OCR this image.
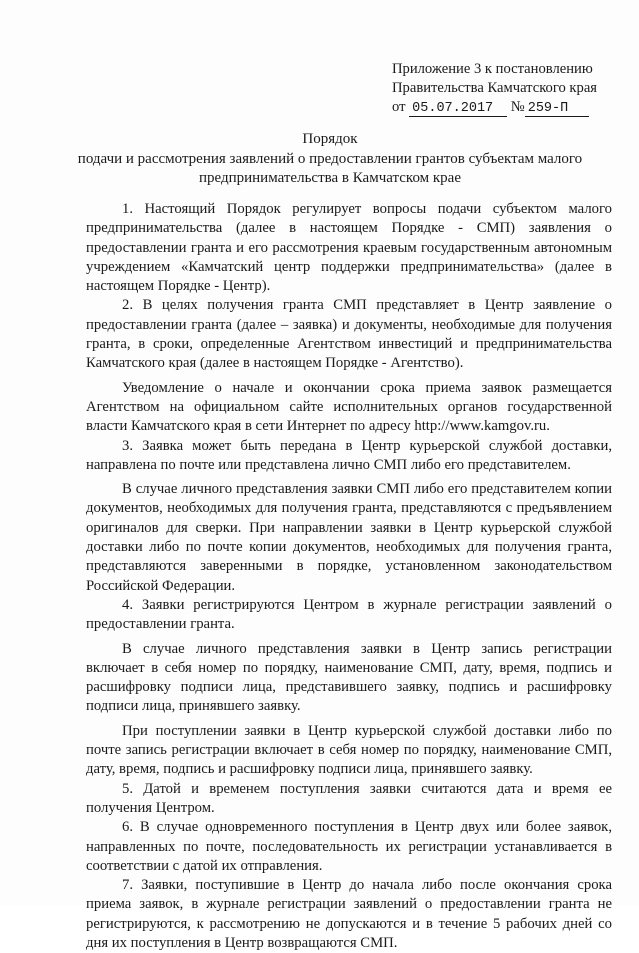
Приложение 3 к постановлению
Правительства Камчатского края
от 05.07.2017 № 259-П
Порядок
подачи и рассмотрения заявлений о предоставлении грантов субъектам малого
предпринимательства в Камчатском крае

1. Настоящий Порядок регулирует вопросы подачи субъектом малого предпринимательства (далее в настоящем Порядке - СМП) заявления о предоставлении гранта и его рассмотрения краевым государственным автономным учреждением «Камчатский центр поддержки предпринимательства» (далее в настоящем Порядке - Центр).

2. В целях получения гранта СМП представляет в Центр заявление о предоставлении гранта (далее – заявка) и документы, необходимые для получения гранта, в сроки, определенные Агентством инвестиций и предпринимательства Камчатского края (далее в настоящем Порядке - Агентство).

Уведомление о начале и окончании срока приема заявок размещается Агентством на официальном сайте исполнительных органов государственной власти Камчатского края в сети Интернет по адресу http://www.kamgov.ru.

3. Заявка может быть передана в Центр курьерской службой доставки, направлена по почте или представлена лично СМП либо его представителем.

В случае личного представления заявки СМП либо его представителем копии документов, необходимых для получения гранта, представляются с предъявлением оригиналов для сверки. При направлении заявки в Центр курьерской службой доставки либо по почте копии документов, необходимых для получения гранта, представляются заверенными в порядке, установленном законодательством Российской Федерации.

4. Заявки регистрируются Центром в журнале регистрации заявлений о предоставлении гранта.

В случае личного представления заявки в Центр запись регистрации включает в себя номер по порядку, наименование СМП, дату, время, подпись и расшифровку подписи лица, представившего заявку, подпись и расшифровку подписи лица, принявшего заявку.

При поступлении заявки в Центр курьерской службой доставки либо по почте запись регистрации включает в себя номер по порядку, наименование СМП, дату, время, подпись и расшифровку подписи лица, принявшего заявку.

5. Датой и временем поступления заявки считаются дата и время ее получения Центром.

6. В случае одновременного поступления в Центр двух или более заявок, направленных по почте, последовательность их регистрации устанавливается в соответствии с датой их отправления.

7. Заявки, поступившие в Центр до начала либо после окончания срока приема заявок, в журнале регистрации заявлений о предоставлении гранта не регистрируются, к рассмотрению не допускаются и в течение 5 рабочих дней со дня их поступления в Центр возвращаются СМП.
